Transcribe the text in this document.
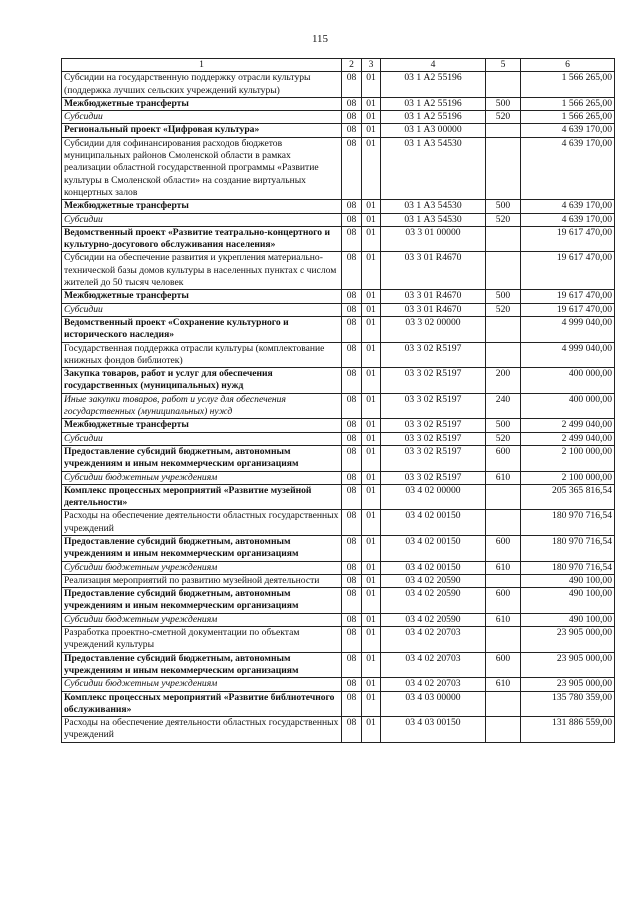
115
1	2	3	4	5	6
Субсидии на государственную поддержку отрасли культуры (поддержка лучших сельских учреждений культуры)	08	01	03 1 А2 55196		1 566 265,00
Межбюджетные трансферты	08	01	03 1 А2 55196	500	1 566 265,00
Субсидии	08	01	03 1 А2 55196	520	1 566 265,00
Региональный проект «Цифровая культура»	08	01	03 1 А3 00000		4 639 170,00
Субсидии для софинансирования расходов бюджетов муниципальных районов Смоленской области в рамках реализации областной государственной программы «Развитие культуры в Смоленской области» на создание виртуальных концертных залов	08	01	03 1 А3 54530		4 639 170,00
Межбюджетные трансферты	08	01	03 1 А3 54530	500	4 639 170,00
Субсидии	08	01	03 1 А3 54530	520	4 639 170,00
Ведомственный проект «Развитие театрально-концертного и культурно-досугового обслуживания населения»	08	01	03 3 01 00000		19 617 470,00
Субсидии на обеспечение развития и укрепления материально-технической базы домов культуры в населенных пунктах с числом жителей до 50 тысяч человек	08	01	03 3 01 R4670		19 617 470,00
Межбюджетные трансферты	08	01	03 3 01 R4670	500	19 617 470,00
Субсидии	08	01	03 3 01 R4670	520	19 617 470,00
Ведомственный проект «Сохранение культурного и исторического наследия»	08	01	03 3 02 00000		4 999 040,00
Государственная поддержка отрасли культуры (комплектование книжных фондов библиотек)	08	01	03 3 02 R5197		4 999 040,00
Закупка товаров, работ и услуг для обеспечения государственных (муниципальных) нужд	08	01	03 3 02 R5197	200	400 000,00
Иные закупки товаров, работ и услуг для обеспечения государственных (муниципальных) нужд	08	01	03 3 02 R5197	240	400 000,00
Межбюджетные трансферты	08	01	03 3 02 R5197	500	2 499 040,00
Субсидии	08	01	03 3 02 R5197	520	2 499 040,00
Предоставление субсидий бюджетным, автономным учреждениям и иным некоммерческим организациям	08	01	03 3 02 R5197	600	2 100 000,00
Субсидии бюджетным учреждениям	08	01	03 3 02 R5197	610	2 100 000,00
Комплекс процессных мероприятий «Развитие музейной деятельности»	08	01	03 4 02 00000		205 365 816,54
Расходы на обеспечение деятельности областных государственных учреждений	08	01	03 4 02 00150		180 970 716,54
Предоставление субсидий бюджетным, автономным учреждениям и иным некоммерческим организациям	08	01	03 4 02 00150	600	180 970 716,54
Субсидии бюджетным учреждениям	08	01	03 4 02 00150	610	180 970 716,54
Реализация мероприятий по развитию музейной деятельности	08	01	03 4 02 20590		490 100,00
Предоставление субсидий бюджетным, автономным учреждениям и иным некоммерческим организациям	08	01	03 4 02 20590	600	490 100,00
Субсидии бюджетным учреждениям	08	01	03 4 02 20590	610	490 100,00
Разработка проектно-сметной документации по объектам учреждений культуры	08	01	03 4 02 20703		23 905 000,00
Предоставление субсидий бюджетным, автономным учреждениям и иным некоммерческим организациям	08	01	03 4 02 20703	600	23 905 000,00
Субсидии бюджетным учреждениям	08	01	03 4 02 20703	610	23 905 000,00
Комплекс процессных мероприятий «Развитие библиотечного обслуживания»	08	01	03 4 03 00000		135 780 359,00
Расходы на обеспечение деятельности областных государственных учреждений	08	01	03 4 03 00150		131 886 559,00
